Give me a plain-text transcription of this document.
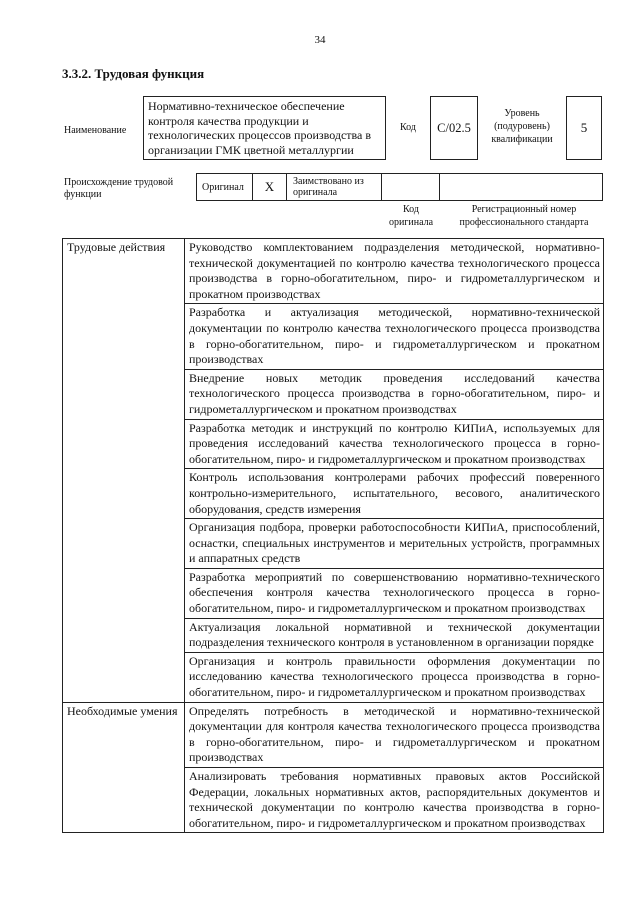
34
3.3.2. Трудовая функция
Наименование
Нормативно-техническое обеспечение контроля качества продукции и технологических процессов производства в организации ГМК цветной металлургии
Код	C/02.5
Уровень (подуровень) квалификации
5
Происхождение трудовой функции
Оригинал	X	Заимствовано из оригинала
Код оригинала
Регистрационный номер профессионального стандарта
Трудовые действия	Руководство комплектованием подразделения методической, нормативно-технической документацией по контролю качества технологического процесса производства в горно-обогатительном, пиро- и гидрометаллургическом и прокатном производствах
	Разработка и актуализация методической, нормативно-технической документации по контролю качества технологического процесса производства в горно-обогатительном, пиро- и гидрометаллургическом и прокатном производствах
	Внедрение новых методик проведения исследований качества технологического процесса производства в горно-обогатительном, пиро- и гидрометаллургическом и прокатном производствах
	Разработка методик и инструкций по контролю КИПиА, используемых для проведения исследований качества технологического процесса в горно-обогатительном, пиро- и гидрометаллургическом и прокатном производствах
	Контроль использования контролерами рабочих профессий поверенного контрольно-измерительного, испытательного, весового, аналитического оборудования, средств измерения
	Организация подбора, проверки работоспособности КИПиА, приспособлений, оснастки, специальных инструментов и мерительных устройств, программных и аппаратных средств
	Разработка мероприятий по совершенствованию нормативно-технического обеспечения контроля качества технологического процесса в горно-обогатительном, пиро- и гидрометаллургическом и прокатном производствах
	Актуализация локальной нормативной и технической документации подразделения технического контроля в установленном в организации порядке
	Организация и контроль правильности оформления документации по исследованию качества технологического процесса производства в горно-обогатительном, пиро- и гидрометаллургическом и прокатном производствах
Необходимые умения	Определять потребность в методической и нормативно-технической документации для контроля качества технологического процесса производства в горно-обогатительном, пиро- и гидрометаллургическом и прокатном производствах
	Анализировать требования нормативных правовых актов Российской Федерации, локальных нормативных актов, распорядительных документов и технической документации по контролю качества производства в горно-обогатительном, пиро- и гидрометаллургическом и прокатном производствах
